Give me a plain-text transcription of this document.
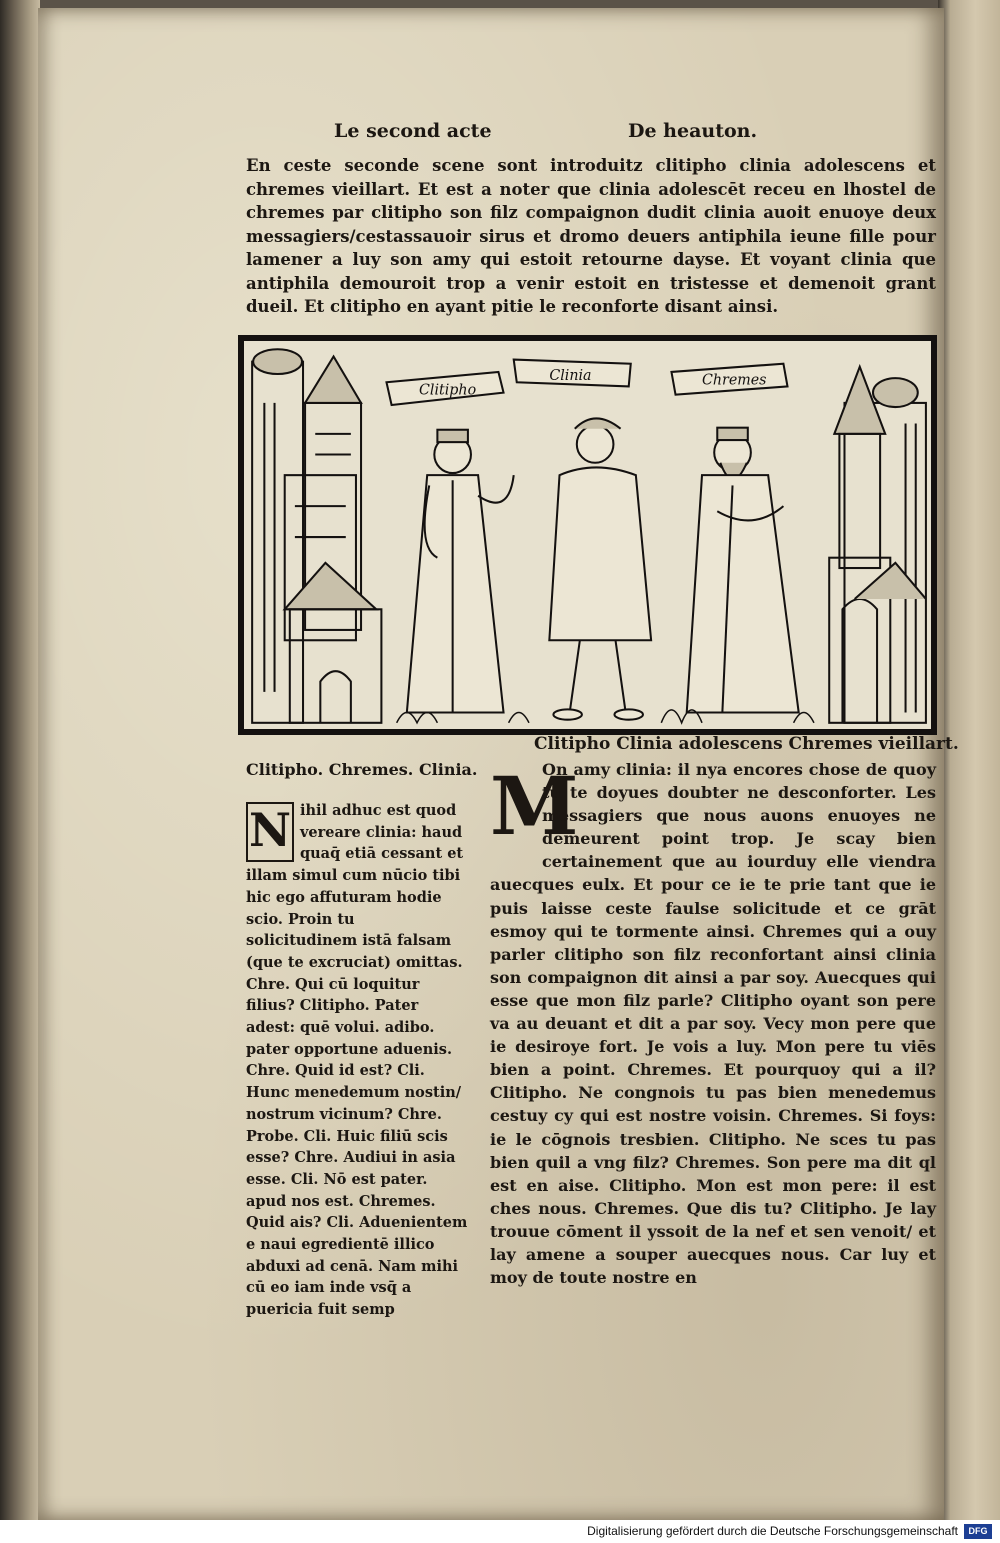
Le second acte	De heauton.
En ceste seconde scene sont introduitz clitipho clinia adolescens et chremes vieillart. Et est a noter que clinia adolescēt receu en lhostel de chremes par clitipho son filz compaignon dudit clinia auoit enuoye deux messagiers/cestassauoir sirus et dromo deuers antiphila ieune fille pour lamener a luy son amy qui estoit retourne dayse. Et voyant clinia que antiphila demouroit trop a venir estoit en tristesse et demenoit grant dueil. Et clitipho en ayant pitie le reconforte disant ainsi.
Clitipho
Clinia	Chremes
Clitipho. Chremes. Clinia.
N ihil adhuc est quod vereare clinia: haud quaq̄ etiā cessant et illam simul cum nūcio tibi hic ego affuturam hodie scio. Proin tu solicitudinem istā falsam (que te excruciat) omittas. Chre. Qui cū loquitur filius? Clitipho. Pater adest: quē volui. adibo. pater opportune aduenis. Chre. Quid id est? Cli. Hunc menedemum nostin/ nostrum vicinum? Chre. Probe. Cli. Huic filiū scis esse? Chre. Audiui in asia esse. Cli. Nō est pater. apud nos est. Chremes. Quid ais? Cli. Aduenientem e naui egredientē illico abduxi ad cenā. Nam mihi cū eo iam inde vsq̄ a puericia fuit semp
Clitipho Clinia adolescens Chremes vieillart.
M
On amy clinia: il nya encores chose de quoy tu te doyues doubter ne desconforter. Les messagiers que nous auons enuoyes ne demeurent point trop. Je scay bien certainement que au iourduy elle viendra auecques eulx. Et pour ce ie te prie tant que ie puis laisse ceste faulse solicitude et ce grāt esmoy qui te tormente ainsi. Chremes qui a ouy parler clitipho son filz reconfortant ainsi clinia son compaignon dit ainsi a par soy. Auecques qui esse que mon filz parle? Clitipho oyant son pere va au deuant et dit a par soy. Vecy mon pere que ie desiroye fort. Je vois a luy. Mon pere tu viēs bien a point. Chremes. Et pourquoy qui a il? Clitipho. Ne congnois tu pas bien menedemus cestuy cy qui est nostre voisin. Chremes. Si foys: ie le cōgnois tresbien. Clitipho. Ne sces tu pas bien quil a vng filz? Chremes. Son pere ma dit ql est en aise. Clitipho. Mon est mon pere: il est ches nous. Chremes. Que dis tu? Clitipho. Je lay trouue cōment il yssoit de la nef et sen venoit/ et lay amene a souper auecques nous. Car luy et moy de toute nostre en
Digitalisierung gefördert durch die Deutsche Forschungsgemeinschaft	DFG
